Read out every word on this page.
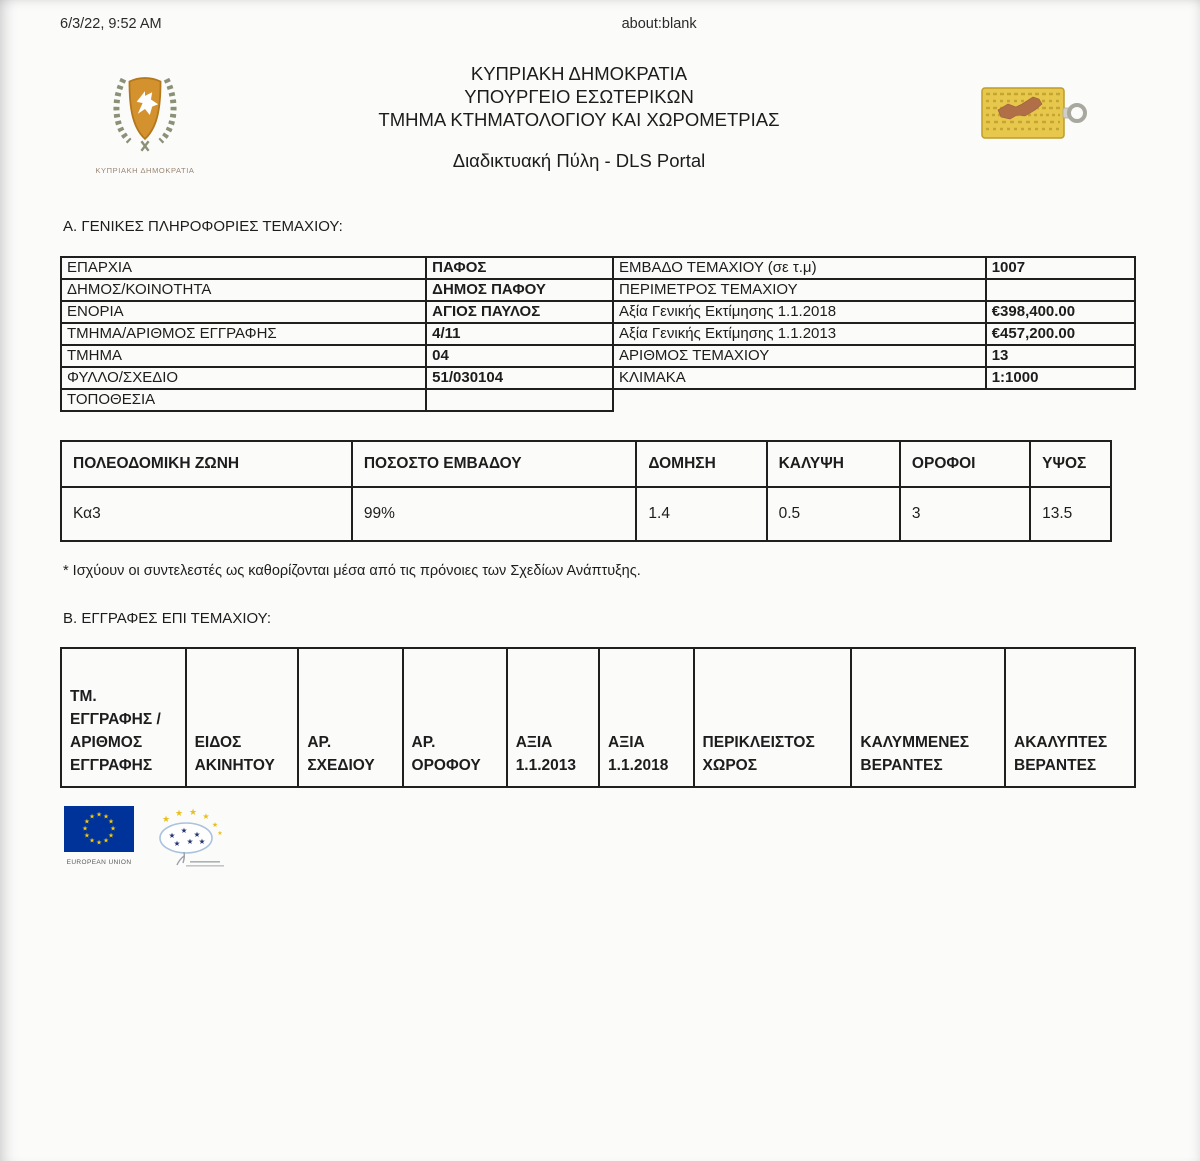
6/3/22, 9:52 AM	about:blank
ΚΥΠΡΙΑΚΗ ΔΗΜΟΚΡΑΤΙΑ
ΚΥΠΡΙΑΚΗ ΔΗΜΟΚΡΑΤΙΑ
ΥΠΟΥΡΓΕΙΟ ΕΣΩΤΕΡΙΚΩΝ
ΤΜΗΜΑ ΚΤΗΜΑΤΟΛΟΓΙΟΥ ΚΑΙ ΧΩΡΟΜΕΤΡΙΑΣ
Διαδικτυακή Πύλη - DLS Portal
Α. ΓΕΝΙΚΕΣ ΠΛΗΡΟΦΟΡΙΕΣ ΤΕΜΑΧΙΟΥ:
ΕΠΑΡΧΙΑ	ΠΑΦΟΣ	ΕΜΒΑΔΟ ΤΕΜΑΧΙΟΥ (σε τ.μ)	1007
ΔΗΜΟΣ/ΚΟΙΝΟΤΗΤΑ	ΔΗΜΟΣ ΠΑΦΟΥ	ΠΕΡΙΜΕΤΡΟΣ ΤΕΜΑΧΙΟΥ	
ΕΝΟΡΙΑ	ΑΓΙΟΣ ΠΑΥΛΟΣ	Αξία Γενικής Εκτίμησης 1.1.2018	€398,400.00
ΤΜΗΜΑ/ΑΡΙΘΜΟΣ ΕΓΓΡΑΦΗΣ	4/11	Αξία Γενικής Εκτίμησης 1.1.2013	€457,200.00
ΤΜΗΜΑ	04	ΑΡΙΘΜΟΣ ΤΕΜΑΧΙΟΥ	13
ΦΥΛΛΟ/ΣΧΕΔΙΟ	51/030104	ΚΛΙΜΑΚΑ	1:1000
ΤΟΠΟΘΕΣΙΑ			
ΠΟΛΕΟΔΟΜΙΚΗ ΖΩΝΗ	ΠΟΣΟΣΤΟ ΕΜΒΑΔΟΥ	ΔΟΜΗΣΗ	ΚΑΛΥΨΗ	ΟΡΟΦΟΙ	ΥΨΟΣ
Κα3	99%	1.4	0.5	3	13.5
* Ισχύουν οι συντελεστές ως καθορίζονται μέσα από τις πρόνοιες των Σχεδίων Ανάπτυξης.
Β. ΕΓΓΡΑΦΕΣ ΕΠΙ ΤΕΜΑΧΙΟΥ:
ΤΜ. ΕΓΓΡΑΦΗΣ / ΑΡΙΘΜΟΣ ΕΓΓΡΑΦΗΣ	ΕΙΔΟΣ ΑΚΙΝΗΤΟΥ	ΑΡ. ΣΧΕΔΙΟΥ	ΑΡ. ΟΡΟΦΟΥ	ΑΞΙΑ 1.1.2013	ΑΞΙΑ 1.1.2018	ΠΕΡΙΚΛΕΙΣΤΟΣ ΧΩΡΟΣ	ΚΑΛΥΜΜΕΝΕΣ ΒΕΡΑΝΤΕΣ	ΑΚΑΛΥΠΤΕΣ ΒΕΡΑΝΤΕΣ
★ ★
★
★
★
★
★
★
★
★
★
★
EUROPEAN UNION
★
★ ★ ★
★
★
★
★ ★
★ ★ ★
